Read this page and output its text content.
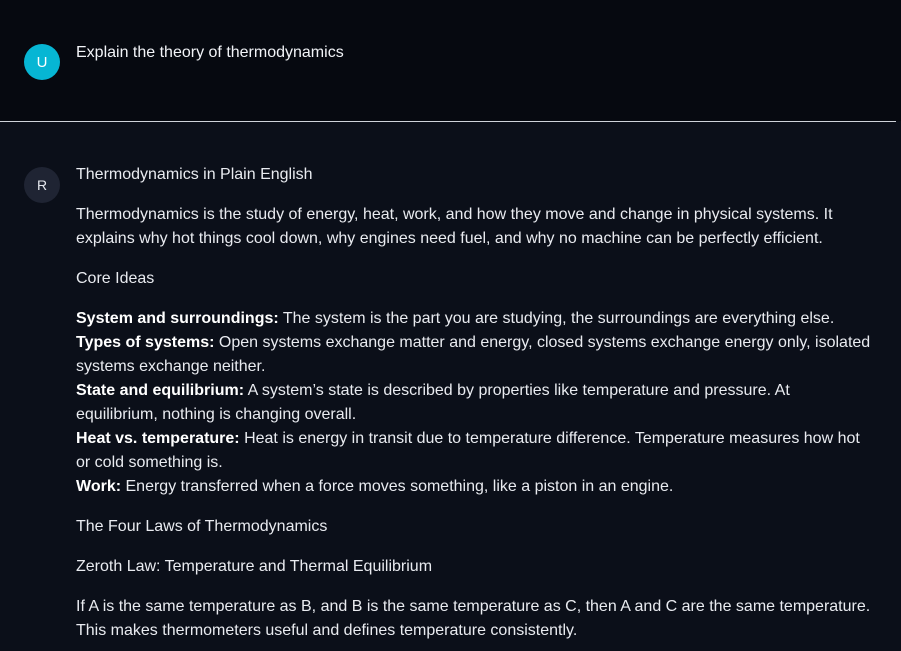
U
Explain the theory of thermodynamics
R

Thermodynamics in Plain English

Thermodynamics is the study of energy, heat, work, and how they move and change in physical systems. It explains why hot things cool down, why engines need fuel, and why no machine can be perfectly efficient.

Core Ideas

System and surroundings: The system is the part you are studying, the surroundings are everything else.
Types of systems: Open systems exchange matter and energy, closed systems exchange energy only, isolated systems exchange neither.
State and equilibrium: A system’s state is described by properties like temperature and pressure. At equilibrium, nothing is changing overall.
Heat vs. temperature: Heat is energy in transit due to temperature difference. Temperature measures how hot or cold something is.
Work: Energy transferred when a force moves something, like a piston in an engine.

The Four Laws of Thermodynamics

Zeroth Law: Temperature and Thermal Equilibrium

If A is the same temperature as B, and B is the same temperature as C, then A and C are the same temperature. This makes thermometers useful and defines temperature consistently.
